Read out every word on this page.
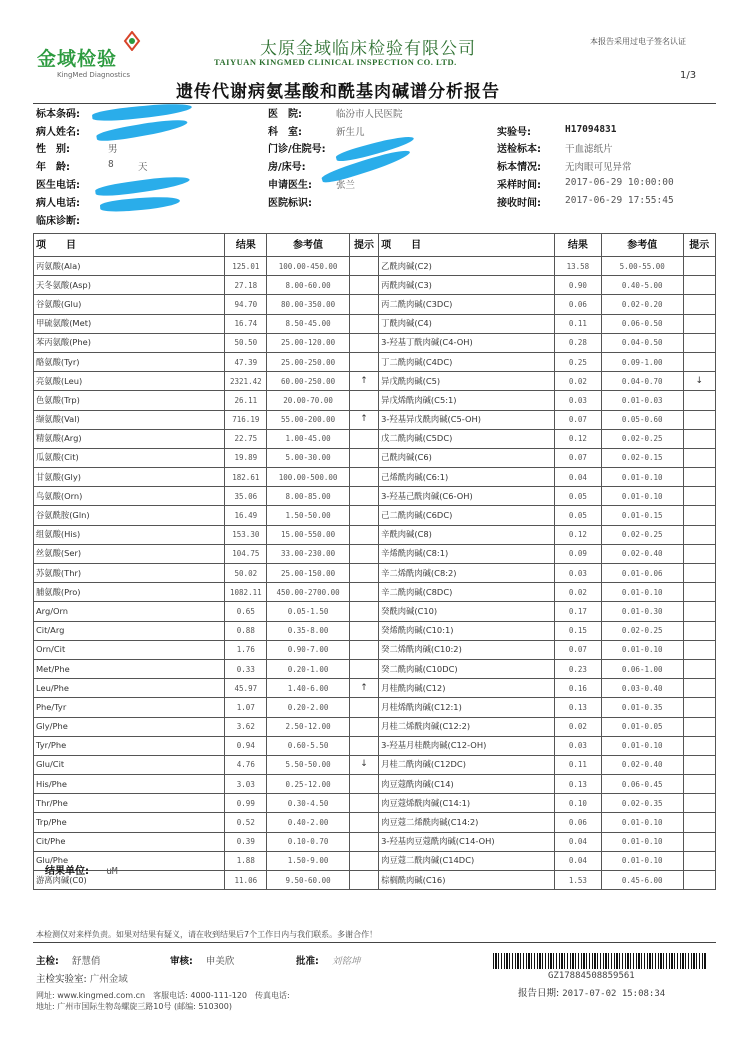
金域检验
KingMed Diagnostics
太原金域临床检验有限公司
TAIYUAN KINGMED CLINICAL INSPECTION CO. LTD.
本报告采用过电子签名认证
1/3
遗传代谢病氨基酸和酰基肉碱谱分析报告
标本条码:
病人姓名:
性　别:	男
年　龄:	8	天
医生电话:
病人电话:
临床诊断:
医　院:	临汾市人民医院
科　室:	新生儿
门诊/住院号:
房/床号:
申请医生:	张兰
医院标识:
实验号:	H17094831
送检标本:	干血滤纸片
标本情况:	无肉眼可见异常
采样时间:	2017-06-29 10:00:00
接收时间:	2017-06-29 17:55:45
项　　目	结果	参考值	提示	项　　目	结果	参考值	提示
丙氨酸(Ala)	125.01	100.00-450.00		乙酰肉碱(C2)	13.58	5.00-55.00	
天冬氨酸(Asp)	27.18	8.00-60.00		丙酰肉碱(C3)	0.90	0.40-5.00	
谷氨酸(Glu)	94.70	80.00-350.00		丙二酰肉碱(C3DC)	0.06	0.02-0.20	
甲硫氨酸(Met)	16.74	8.50-45.00		丁酰肉碱(C4)	0.11	0.06-0.50	
苯丙氨酸(Phe)	50.50	25.00-120.00		3-羟基丁酰肉碱(C4-OH)	0.28	0.04-0.50	
酪氨酸(Tyr)	47.39	25.00-250.00		丁二酰肉碱(C4DC)	0.25	0.09-1.00	
亮氨酸(Leu)	2321.42	60.00-250.00	↑	异戊酰肉碱(C5)	0.02	0.04-0.70	↓
色氨酸(Trp)	26.11	20.00-70.00		异戊烯酰肉碱(C5:1)	0.03	0.01-0.03	
缬氨酸(Val)	716.19	55.00-200.00	↑	3-羟基异戊酰肉碱(C5-OH)	0.07	0.05-0.60	
精氨酸(Arg)	22.75	1.00-45.00		戊二酰肉碱(C5DC)	0.12	0.02-0.25	
瓜氨酸(Cit)	19.89	5.00-30.00		己酰肉碱(C6)	0.07	0.02-0.15	
甘氨酸(Gly)	182.61	100.00-500.00		己烯酰肉碱(C6:1)	0.04	0.01-0.10	
鸟氨酸(Orn)	35.06	8.00-85.00		3-羟基己酰肉碱(C6-OH)	0.05	0.01-0.10	
谷氨酰胺(Gln)	16.49	1.50-50.00		己二酰肉碱(C6DC)	0.05	0.01-0.15	
组氨酸(His)	153.30	15.00-550.00		辛酰肉碱(C8)	0.12	0.02-0.25	
丝氨酸(Ser)	104.75	33.00-230.00		辛烯酰肉碱(C8:1)	0.09	0.02-0.40	
苏氨酸(Thr)	50.02	25.00-150.00		辛二烯酰肉碱(C8:2)	0.03	0.01-0.06	
脯氨酸(Pro)	1082.11	450.00-2700.00		辛二酰肉碱(C8DC)	0.02	0.01-0.10	
Arg/Orn	0.65	0.05-1.50		癸酰肉碱(C10)	0.17	0.01-0.30	
Cit/Arg	0.88	0.35-8.00		癸烯酰肉碱(C10:1)	0.15	0.02-0.25	
Orn/Cit	1.76	0.90-7.00		癸二烯酰肉碱(C10:2)	0.07	0.01-0.10	
Met/Phe	0.33	0.20-1.00		癸二酰肉碱(C10DC)	0.23	0.06-1.00	
Leu/Phe	45.97	1.40-6.00	↑	月桂酰肉碱(C12)	0.16	0.03-0.40	
Phe/Tyr	1.07	0.20-2.00		月桂烯酰肉碱(C12:1)	0.13	0.01-0.35	
Gly/Phe	3.62	2.50-12.00		月桂二烯酰肉碱(C12:2)	0.02	0.01-0.05	
Tyr/Phe	0.94	0.60-5.50		3-羟基月桂酰肉碱(C12-OH)	0.03	0.01-0.10	
Glu/Cit	4.76	5.50-50.00	↓	月桂二酰肉碱(C12DC)	0.11	0.02-0.40	
His/Phe	3.03	0.25-12.00		肉豆蔻酰肉碱(C14)	0.13	0.06-0.45	
Thr/Phe	0.99	0.30-4.50		肉豆蔻烯酰肉碱(C14:1)	0.10	0.02-0.35	
Trp/Phe	0.52	0.40-2.00		肉豆蔻二烯酰肉碱(C14:2)	0.06	0.01-0.10	
Cit/Phe	0.39	0.10-0.70		3-羟基肉豆蔻酰肉碱(C14-OH)	0.04	0.01-0.10	
Glu/Phe	1.88	1.50-9.00		肉豆蔻二酰肉碱(C14DC)	0.04	0.01-0.10	
游离肉碱(C0)	11.06	9.50-60.00		棕榈酰肉碱(C16)	1.53	0.45-6.00	
结果单位: uM
本检测仅对来样负责。如果对结果有疑义，请在收到结果后7个工作日内与我们联系。多谢合作！
主检: 舒慧俏	审核: 申美欣	批准: 刘铭坤
主检实验室: 广州金域
网址: www.kingmed.com.cn　客服电话: 4000-111-120　传真电话:
地址: 广州市国际生物岛螺旋三路10号 (邮编: 510300)
GZ17884508859561
报告日期: 2017-07-02 15:08:34
